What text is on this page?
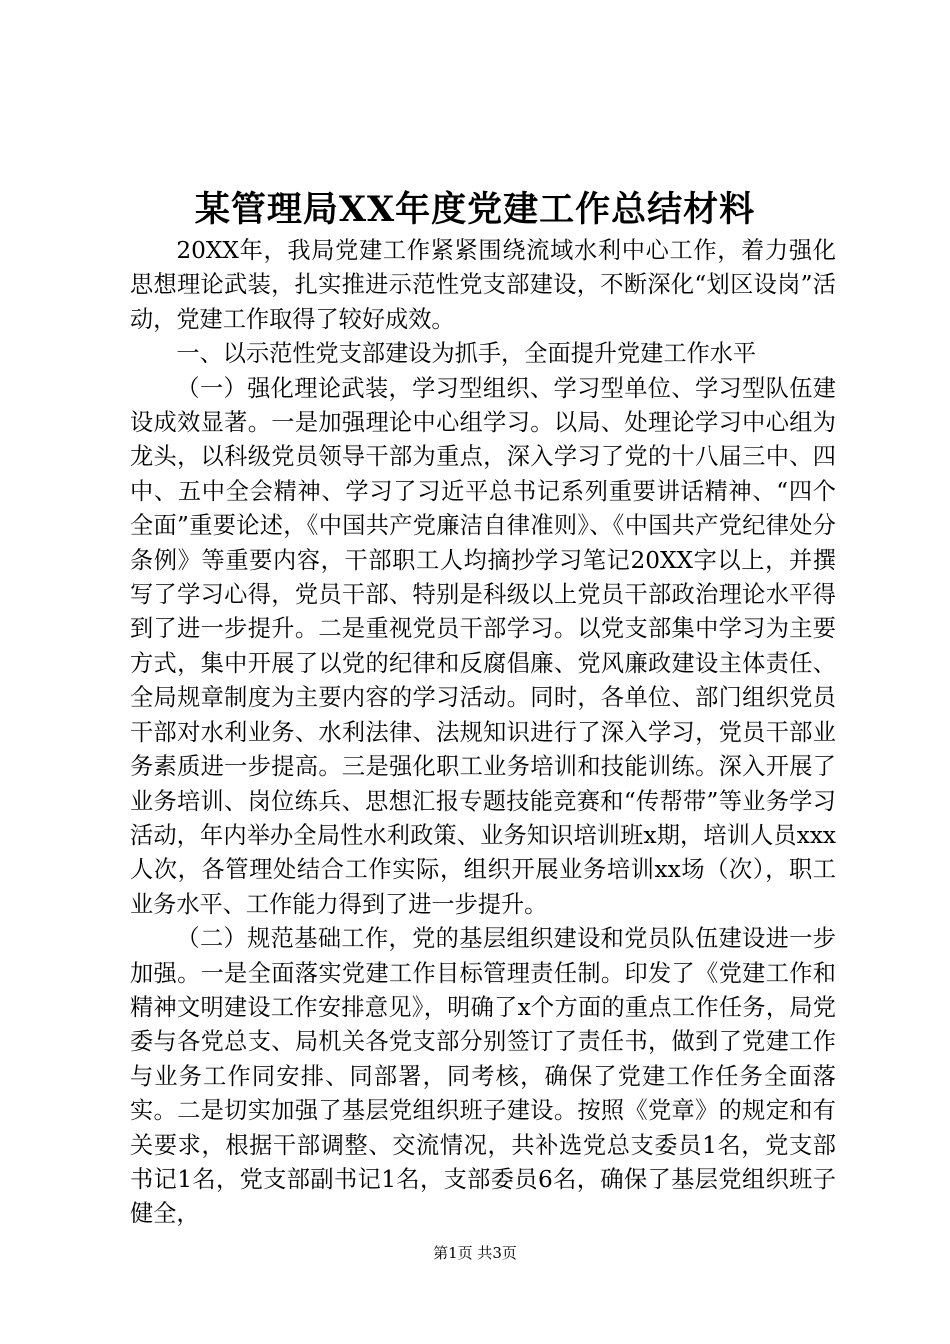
某管理局XX年度党建工作总结材料

20XX年，我局党建工作紧紧围绕流域水利中心工作，着力强化思想理论武装，扎实推进示范性党支部建设，不断深化“划区设岗”活动，党建工作取得了较好成效。

一、以示范性党支部建设为抓手，全面提升党建工作水平

（一）强化理论武装，学习型组织、学习型单位、学习型队伍建设成效显著。一是加强理论中心组学习。以局、处理论学习中心组为龙头，以科级党员领导干部为重点，深入学习了党的十八届三中、四中、五中全会精神、学习了习近平总书记系列重要讲话精神、“四个全面”重要论述，《中国共产党廉洁自律准则》、《中国共产党纪律处分条例》等重要内容，干部职工人均摘抄学习笔记20XX字以上，并撰写了学习心得，党员干部、特别是科级以上党员干部政治理论水平得到了进一步提升。二是重视党员干部学习。以党支部集中学习为主要方式，集中开展了以党的纪律和反腐倡廉、党风廉政建设主体责任、全局规章制度为主要内容的学习活动。同时，各单位、部门组织党员干部对水利业务、水利法律、法规知识进行了深入学习，党员干部业务素质进一步提高。三是强化职工业务培训和技能训练。深入开展了业务培训、岗位练兵、思想汇报专题技能竞赛和“传帮带”等业务学习活动，年内举办全局性水利政策、业务知识培训班x期，培训人员xxx人次，各管理处结合工作实际，组织开展业务培训xx场（次），职工业务水平、工作能力得到了进一步提升。

（二）规范基础工作，党的基层组织建设和党员队伍建设进一步加强。一是全面落实党建工作目标管理责任制。印发了《党建工作和精神文明建设工作安排意见》，明确了x个方面的重点工作任务，局党委与各党总支、局机关各党支部分别签订了责任书，做到了党建工作与业务工作同安排、同部署，同考核，确保了党建工作任务全面落实。二是切实加强了基层党组织班子建设。按照《党章》的规定和有关要求，根据干部调整、交流情况，共补选党总支委员1名，党支部书记1名，党支部副书记1名，支部委员6名，确保了基层党组织班子健全，

第1页 共3页
